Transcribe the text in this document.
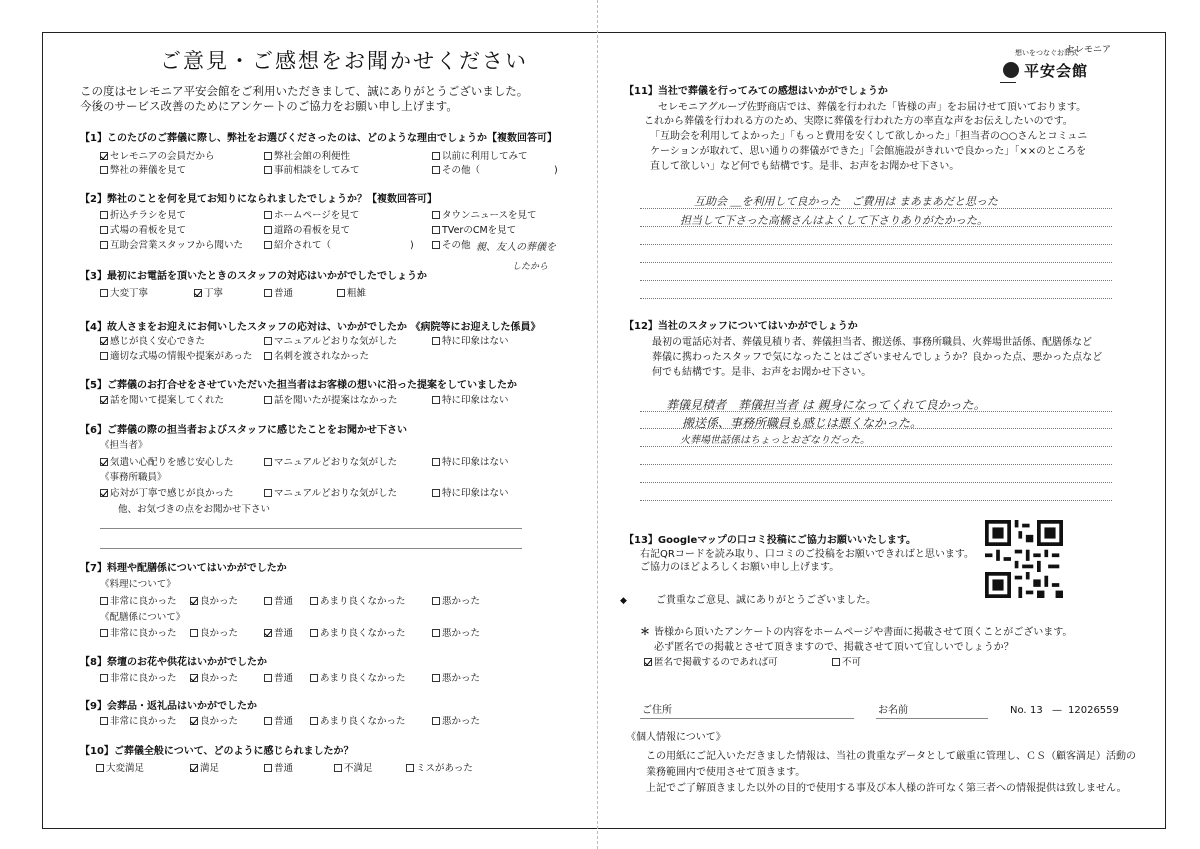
ご意見・ご感想をお聞かせください
この度はセレモニア平安会館をご利用いただきまして、誠にありがとうございました。
今後のサービス改善のためにアンケートのご協力をお願い申し上げます。
【1】このたびのご葬儀に際し、弊社をお選びくださったのは、どのような理由でしょうか【複数回答可】
セレモニアの会員だから	弊社会館の利便性	以前に利用してみて
弊社の葬儀を見て	事前相談をしてみて	その他（	)
【2】弊社のことを何を見てお知りになられましたでしょうか？【複数回答可】
折込チラシを見て	ホームページを見て	タウンニュースを見て
式場の看板を見て	道路の看板を見て	TVerのCMを見て
互助会営業スタッフから聞いた	紹介されて（	)	その他 親、友人の葬儀を
したから
【3】最初にお電話を頂いたときのスタッフの対応はいかがでしたでしょうか
大変丁寧	丁寧	普通	粗雑
【4】故人さまをお迎えにお伺いしたスタッフの応対は、いかがでしたか 《病院等にお迎えした係員》
感じが良く安心できた	マニュアルどおりな気がした	特に印象はない
適切な式場の情報や提案があった	名刺を渡されなかった
【5】ご葬儀のお打合せをさせていただいた担当者はお客様の想いに沿った提案をしていましたか
話を聞いて提案してくれた	話を聞いたが提案はなかった	特に印象はない
【6】ご葬儀の際の担当者およびスタッフに感じたことをお聞かせ下さい
《担当者》
気遣い心配りを感じ安心した	マニュアルどおりな気がした	特に印象はない
《事務所職員》
応対が丁寧で感じが良かった	マニュアルどおりな気がした	特に印象はない
他、お気づきの点をお聞かせ下さい
【7】料理や配膳係についてはいかがでしたか
《料理について》
非常に良かった	良かった	普通	あまり良くなかった	悪かった
《配膳係について》
非常に良かった	良かった	普通	あまり良くなかった	悪かった
【8】祭壇のお花や供花はいかがでしたか
非常に良かった	良かった	普通	あまり良くなかった	悪かった
【9】会葬品・返礼品はいかがでしたか
非常に良かった	良かった	普通	あまり良くなかった	悪かった
【10】ご葬儀全般について、どのように感じられましたか？
大変満足	満足	普通	不満足	ミスがあった
想いをつなぐお葬式
セレモニア
平安会館
【11】当社で葬儀を行ってみての感想はいかがでしょうか
セレモニアグループ佐野商店では、葬儀を行われた「皆様の声」をお届けせて頂いております。
これから葬儀を行われる方のため、実際に葬儀を行われた方の率直な声をお伝えしたいのです。
「互助会を利用してよかった」「もっと費用を安くして欲しかった」「担当者の○○さんとコミュニ
ケーションが取れて、思い通りの葬儀ができた」「会館施設がきれいで良かった」「××のところを
直して欲しい」など何でも結構です。是非、お声をお聞かせ下さい。
互助会 ＿を利用して良かった　ご費用は まあまあだと思った
担当して下さった高橋さんはよくして下さりありがたかった。
【12】当社のスタッフについてはいかがでしょうか
最初の電話応対者、葬儀見積り者、葬儀担当者、搬送係、事務所職員、火葬場世話係、配膳係など
葬儀に携わったスタッフで気になったことはございませんでしょうか？良かった点、悪かった点など
何でも結構です。是非、お声をお聞かせ下さい。
葬儀見積者　葬儀担当者 は 親身になってくれて良かった。
搬送係、事務所職員も感じは悪くなかった。
火葬場世話係はちょっとおざなりだった。
【13】Googleマップの口コミ投稿にご協力お願いいたします。
右記QRコードを読み取り、口コミのご投稿をお願いできればと思います。
ご協力のほどよろしくお願い申し上げます。
◆	ご貴重なご意見、誠にありがとうございました。
＊ 皆様から頂いたアンケートの内容をホームページや書面に掲載させて頂くことがございます。
必ず匿名での掲載とさせて頂きますので、掲載させて頂いて宜しいでしょうか？
匿名で掲載するのであれば可	不可
ご住所	お名前	No. 13 — 12026559
《個人情報について》
この用紙にご記入いただきました情報は、当社の貴重なデータとして厳重に管理し、ＣＳ（顧客満足）活動の
業務範囲内で使用させて頂きます。
上記でご了解頂きました以外の目的で使用する事及び本人様の許可なく第三者への情報提供は致しません。
